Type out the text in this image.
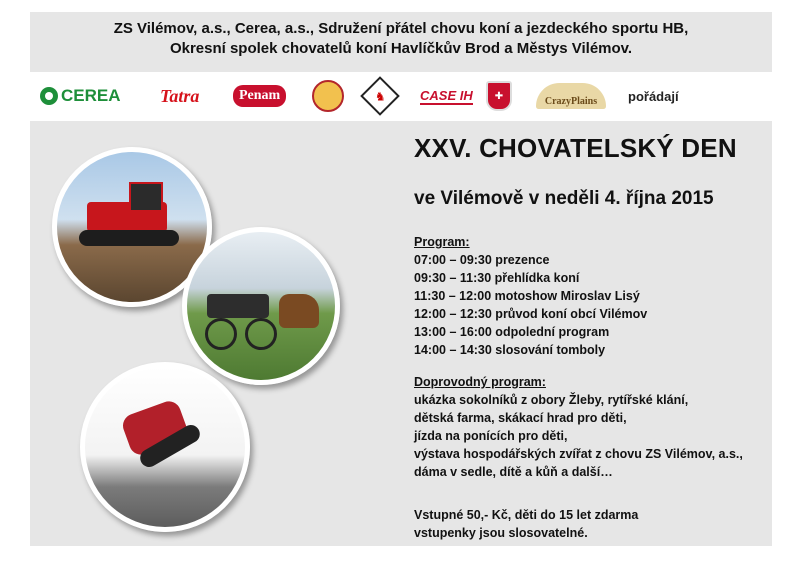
ZS Vilémov, a.s., Cerea, a.s., Sdružení přátel chovu koní a jezdeckého sportu HB,
Okresní spolek chovatelů koní Havlíčkův Brod a Městys Vilémov.
CEREA Tatra	Penam	♞	CASE IH	✚	CrazyPlains	pořádají
XXV. CHOVATELSKÝ DEN
ve Vilémově v neděli 4. října 2015
Program:
07:00 – 09:30 prezence
09:30 – 11:30 přehlídka koní
11:30 – 12:00 motoshow Miroslav Lisý
12:00 – 12:30 průvod koní obcí Vilémov
13:00 – 16:00 odpolední program
14:00 – 14:30 slosování tomboly
Doprovodný program:
ukázka sokolníků z obory Žleby, rytířské klání,
dětská farma, skákací hrad pro děti,
jízda na ponících pro děti,
výstava hospodářských zvířat z chovu ZS Vilémov, a.s.,
dáma v sedle, dítě a kůň a další…
Vstupné 50,- Kč, děti do 15 let zdarma
vstupenky jsou slosovatelné.
